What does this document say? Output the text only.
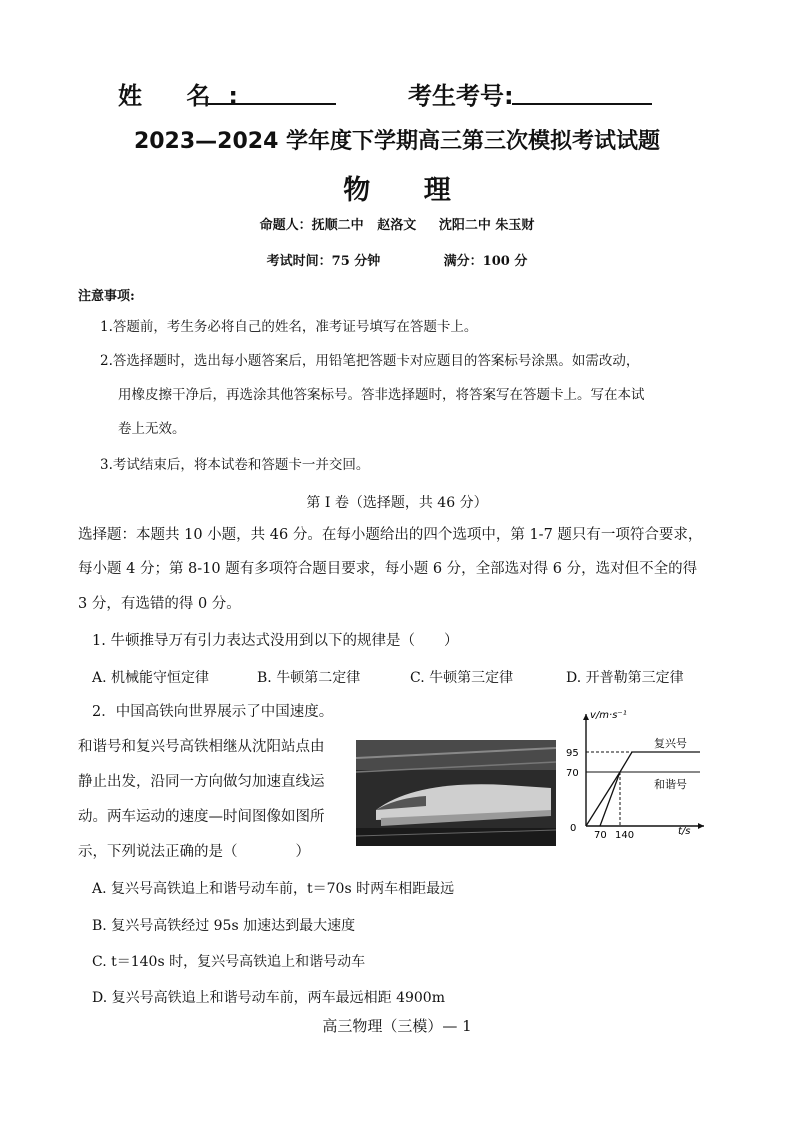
姓 名:	考生考号:
2023—2024 学年度下学期高三第三次模拟考试试题
物 理
命题人：抚顺二中   赵洛文     沈阳二中 朱玉财
考试时间：75 分钟              满分：100 分
注意事项:
1.答题前，考生务必将自己的姓名，准考证号填写在答题卡上。
2.答选择题时，选出每小题答案后，用铅笔把答题卡对应题目的答案标号涂黑。如需改动，
用橡皮擦干净后，再选涂其他答案标号。答非选择题时，将答案写在答题卡上。写在本试
卷上无效。
3.考试结束后，将本试卷和答题卡一并交回。
第 I 卷（选择题，共 46 分）
选择题：本题共 10 小题，共 46 分。在每小题给出的四个选项中，第 1-7 题只有一项符合要求，
每小题 4 分；第 8-10 题有多项符合题目要求，每小题 6 分，全部选对得 6 分，选对但不全的得
3 分，有选错的得 0 分。
1. 牛顿推导万有引力表达式没用到以下的规律是（　　）
A. 机械能守恒定律	B. 牛顿第二定律	C. 牛顿第三定律	D. 开普勒第三定律
2．中国高铁向世界展示了中国速度。
和谐号和复兴号高铁相继从沈阳站点由
静止出发，沿同一方向做匀加速直线运
动。两车运动的速度—时间图像如图所
示，下列说法正确的是（　　　　）
v/m·s⁻¹
t/s
0
95
70
70 140
复兴号
和谐号
A. 复兴号高铁追上和谐号动车前，t＝70s 时两车相距最远
B. 复兴号高铁经过 95s 加速达到最大速度
C. t＝140s 时，复兴号高铁追上和谐号动车
D. 复兴号高铁追上和谐号动车前，两车最远相距 4900m
高三物理（三模）— 1
